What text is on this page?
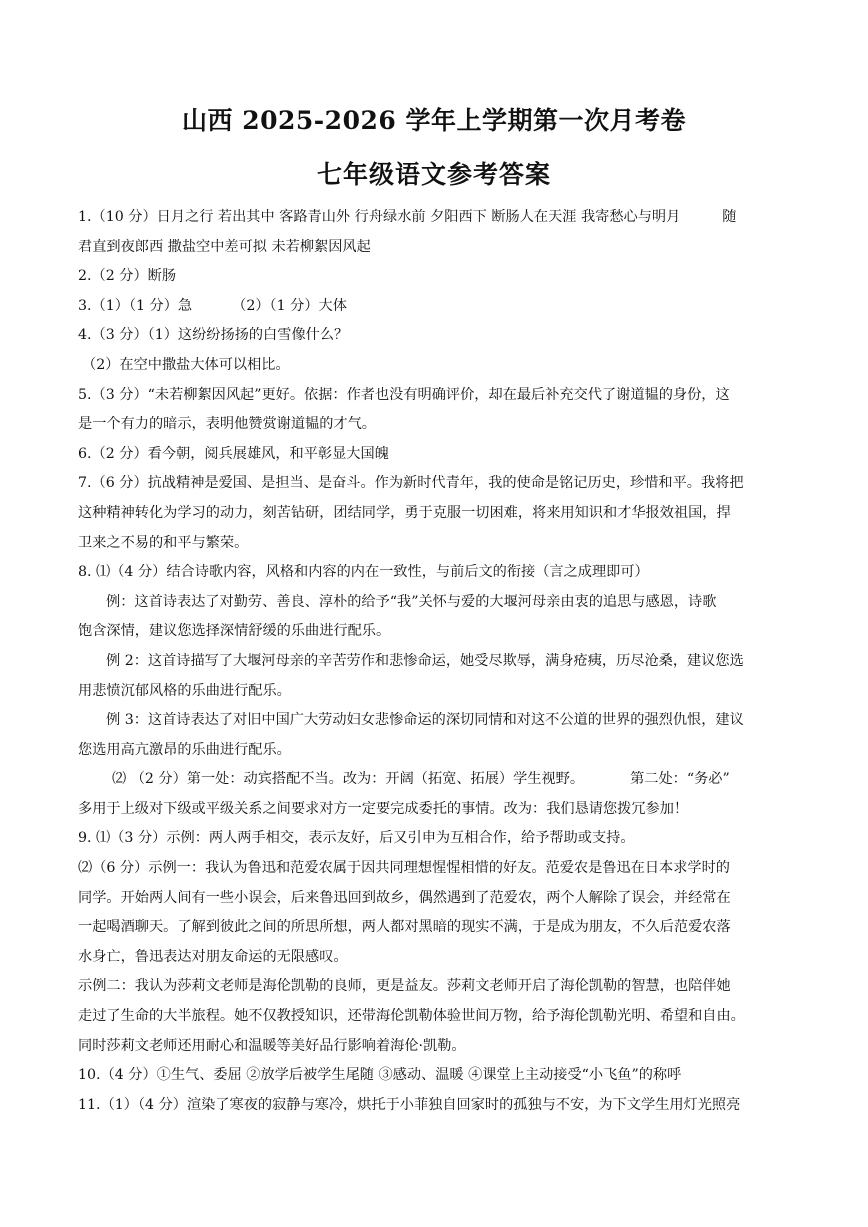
山西 2025-2026 学年上学期第一次月考卷
七年级语文参考答案

1.（10 分）日月之行 若出其中 客路青山外 行舟绿水前 夕阳西下 断肠人在天涯 我寄愁心与明月	随

君直到夜郎西 撒盐空中差可拟 未若柳絮因风起

2.（2 分）断肠

3.（1）（1 分）急	（2）（1 分）大体

4.（3 分）（1）这纷纷扬扬的白雪像什么？

（2）在空中撒盐大体可以相比。

5.（3 分）“未若柳絮因风起”更好。依据：作者也没有明确评价，却在最后补充交代了谢道韫的身份，这

是一个有力的暗示，表明他赞赏谢道韫的才气。

6.（2 分）看今朝，阅兵展雄风，和平彰显大国魄

7.（6 分）抗战精神是爱国、是担当、是奋斗。作为新时代青年，我的使命是铭记历史，珍惜和平。我将把

这种精神转化为学习的动力，刻苦钻研，团结同学，勇于克服一切困难，将来用知识和才华报效祖国，捍

卫来之不易的和平与繁荣。

8. ⑴（4 分）结合诗歌内容，风格和内容的内在一致性，与前后文的衔接（言之成理即可）

例：这首诗表达了对勤劳、善良、淳朴的给予“我”关怀与爱的大堰河母亲由衷的追思与感恩，诗歌

饱含深情，建议您选择深情舒缓的乐曲进行配乐。

例 2：这首诗描写了大堰河母亲的辛苦劳作和悲惨命运，她受尽欺辱，满身疮痍，历尽沧桑，建议您选

用悲愤沉郁风格的乐曲进行配乐。

例 3：这首诗表达了对旧中国广大劳动妇女悲惨命运的深切同情和对这不公道的世界的强烈仇恨，建议

您选用高亢激昂的乐曲进行配乐。

⑵ （2 分）第一处：动宾搭配不当。改为：开阔（拓宽、拓展）学生视野。	第二处：“务必”

多用于上级对下级或平级关系之间要求对方一定要完成委托的事情。改为：我们恳请您拨冗参加！

9. ⑴（3 分）示例：两人两手相交，表示友好，后又引申为互相合作，给予帮助或支持。

⑵（6 分）示例一：我认为鲁迅和范爱农属于因共同理想惺惺相惜的好友。范爱农是鲁迅在日本求学时的

同学。开始两人间有一些小误会，后来鲁迅回到故乡，偶然遇到了范爱农，两个人解除了误会，并经常在

一起喝酒聊天。了解到彼此之间的所思所想，两人都对黑暗的现实不满，于是成为朋友，不久后范爱农落

水身亡，鲁迅表达对朋友命运的无限感叹。

示例二：我认为莎莉文老师是海伦凯勒的良师，更是益友。莎莉文老师开启了海伦凯勒的智慧，也陪伴她

走过了生命的大半旅程。她不仅教授知识，还带海伦凯勒体验世间万物，给予海伦凯勒光明、希望和自由。

同时莎莉文老师还用耐心和温暖等美好品行影响着海伦·凯勒。

10.（4 分）①生气、委屈 ②放学后被学生尾随 ③感动、温暖 ④课堂上主动接受“小飞鱼”的称呼

11.（1）（4 分）渲染了寒夜的寂静与寒冷，烘托于小菲独自回家时的孤独与不安，为下文学生用灯光照亮
